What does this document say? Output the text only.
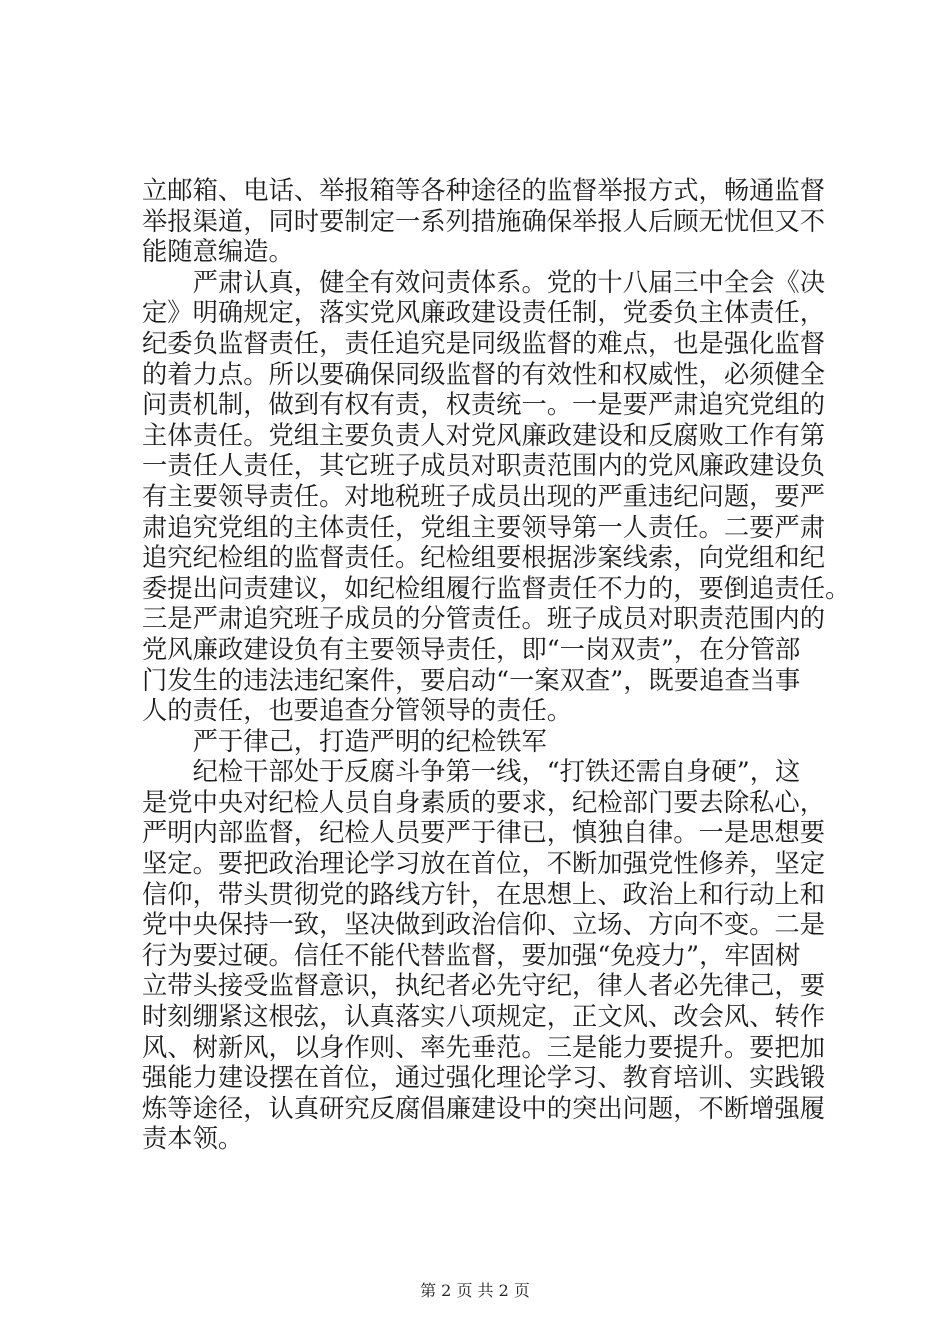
立邮箱、电话、举报箱等各种途径的监督举报方式，畅通监督
举报渠道，同时要制定一系列措施确保举报人后顾无忧但又不
能随意编造。
　　严肃认真，健全有效问责体系。党的十八届三中全会《决
定》明确规定，落实党风廉政建设责任制，党委负主体责任，
纪委负监督责任，责任追究是同级监督的难点，也是强化监督
的着力点。所以要确保同级监督的有效性和权威性，必须健全
问责机制，做到有权有责，权责统一。一是要严肃追究党组的
主体责任。党组主要负责人对党风廉政建设和反腐败工作有第
一责任人责任，其它班子成员对职责范围内的党风廉政建设负
有主要领导责任。对地税班子成员出现的严重违纪问题，要严
肃追究党组的主体责任，党组主要领导第一人责任。二要严肃
追究纪检组的监督责任。纪检组要根据涉案线索，向党组和纪
委提出问责建议，如纪检组履行监督责任不力的，要倒追责任。
三是严肃追究班子成员的分管责任。班子成员对职责范围内的
党风廉政建设负有主要领导责任，即“一岗双责”，在分管部
门发生的违法违纪案件，要启动“一案双查”，既要追查当事
人的责任，也要追查分管领导的责任。
　　严于律己，打造严明的纪检铁军
　　纪检干部处于反腐斗争第一线，“打铁还需自身硬”，这
是党中央对纪检人员自身素质的要求，纪检部门要去除私心，
严明内部监督，纪检人员要严于律已，慎独自律。一是思想要
坚定。要把政治理论学习放在首位，不断加强党性修养，坚定
信仰，带头贯彻党的路线方针，在思想上、政治上和行动上和
党中央保持一致，坚决做到政治信仰、立场、方向不变。二是
行为要过硬。信任不能代替监督，要加强“免疫力”，牢固树
立带头接受监督意识，执纪者必先守纪，律人者必先律己，要
时刻绷紧这根弦，认真落实八项规定，正文风、改会风、转作
风、树新风，以身作则、率先垂范。三是能力要提升。要把加
强能力建设摆在首位，通过强化理论学习、教育培训、实践锻
炼等途径，认真研究反腐倡廉建设中的突出问题，不断增强履
责本领。
第 2 页 共 2 页
